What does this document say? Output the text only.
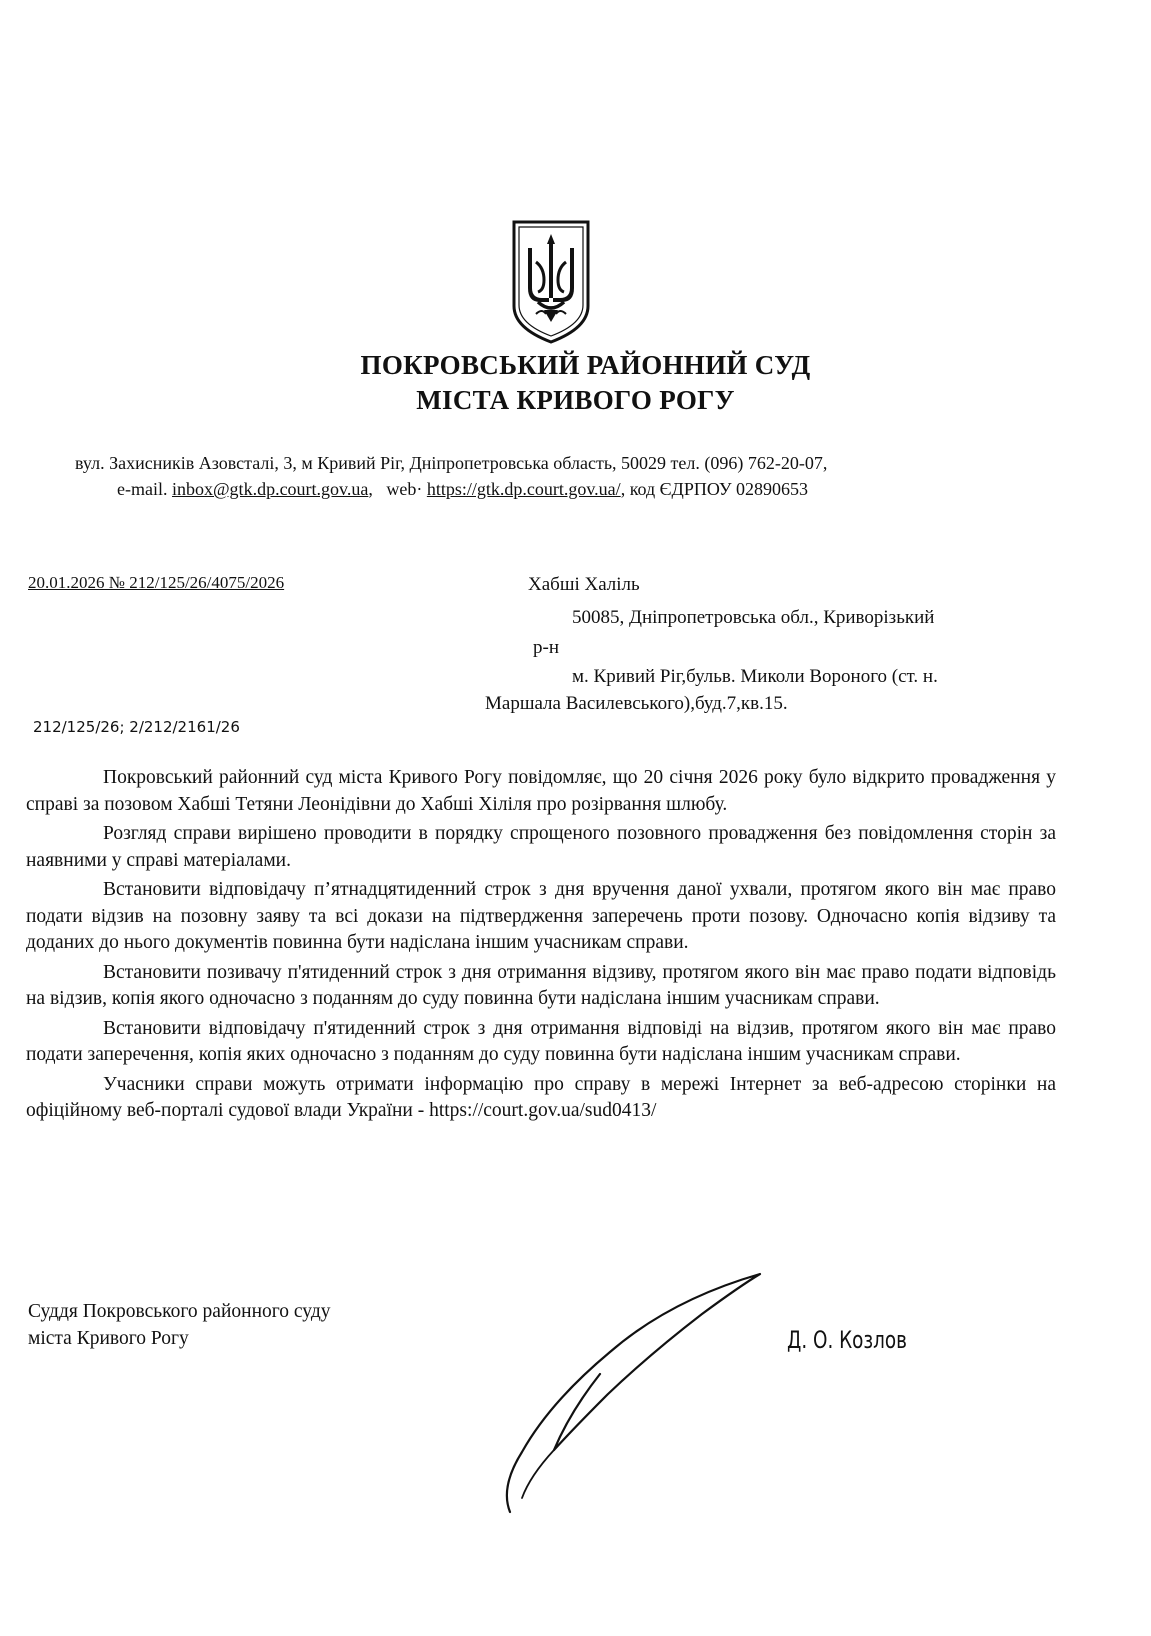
ПОКРОВСЬКИЙ РАЙОННИЙ СУД
МІСТА КРИВОГО РОГУ
вул. Захисників Азовсталі, 3, м Кривий Ріг, Дніпропетровська область, 50029 тел. (096) 762-20-07,
e-mail. inbox@gtk.dp.court.gov.ua,   web· https://gtk.dp.court.gov.ua/, код ЄДРПОУ 02890653
20.01.2026 № 212/125/26/4075/2026	Хабші Халіль
50085, Дніпропетровська обл., Криворізький
р-н
м. Кривий Ріг,бульв. Миколи Вороного (ст. н.
Маршала Василевського),буд.7,кв.15.
212/125/26; 2/212/2161/26

Покровський районний суд міста Кривого Рогу повідомляє, що 20 січня 2026 року було відкрито провадження у справі за позовом Хабші Тетяни Леонідівни до Хабші Хіліля про розірвання шлюбу.

Розгляд справи вирішено проводити в порядку спрощеного позовного провадження без повідомлення сторін за наявними у справі матеріалами.

Встановити відповідачу п’ятнадцятиденний строк з дня вручення даної ухвали, протягом якого він має право подати відзив на позовну заяву та всі докази на підтвердження заперечень проти позову. Одночасно копія відзиву та доданих до нього документів повинна бути надіслана іншим учасникам справи.

Встановити позивачу п'ятиденний строк з дня отримання відзиву, протягом якого він має право подати відповідь на відзив, копія якого одночасно з поданням до суду повинна бути надіслана іншим учасникам справи.

Встановити відповідачу п'ятиденний строк з дня отримання відповіді на відзив, протягом якого він має право подати заперечення, копія яких одночасно з поданням до суду повинна бути надіслана іншим учасникам справи.

Учасники справи можуть отримати інформацію про справу в мережі Інтернет за веб-адресою сторінки на офіційному веб-порталі судової влади України - https://court.gov.ua/sud0413/

Суддя Покровського районного суду
міста Кривого Рогу	Д. О. Козлов
